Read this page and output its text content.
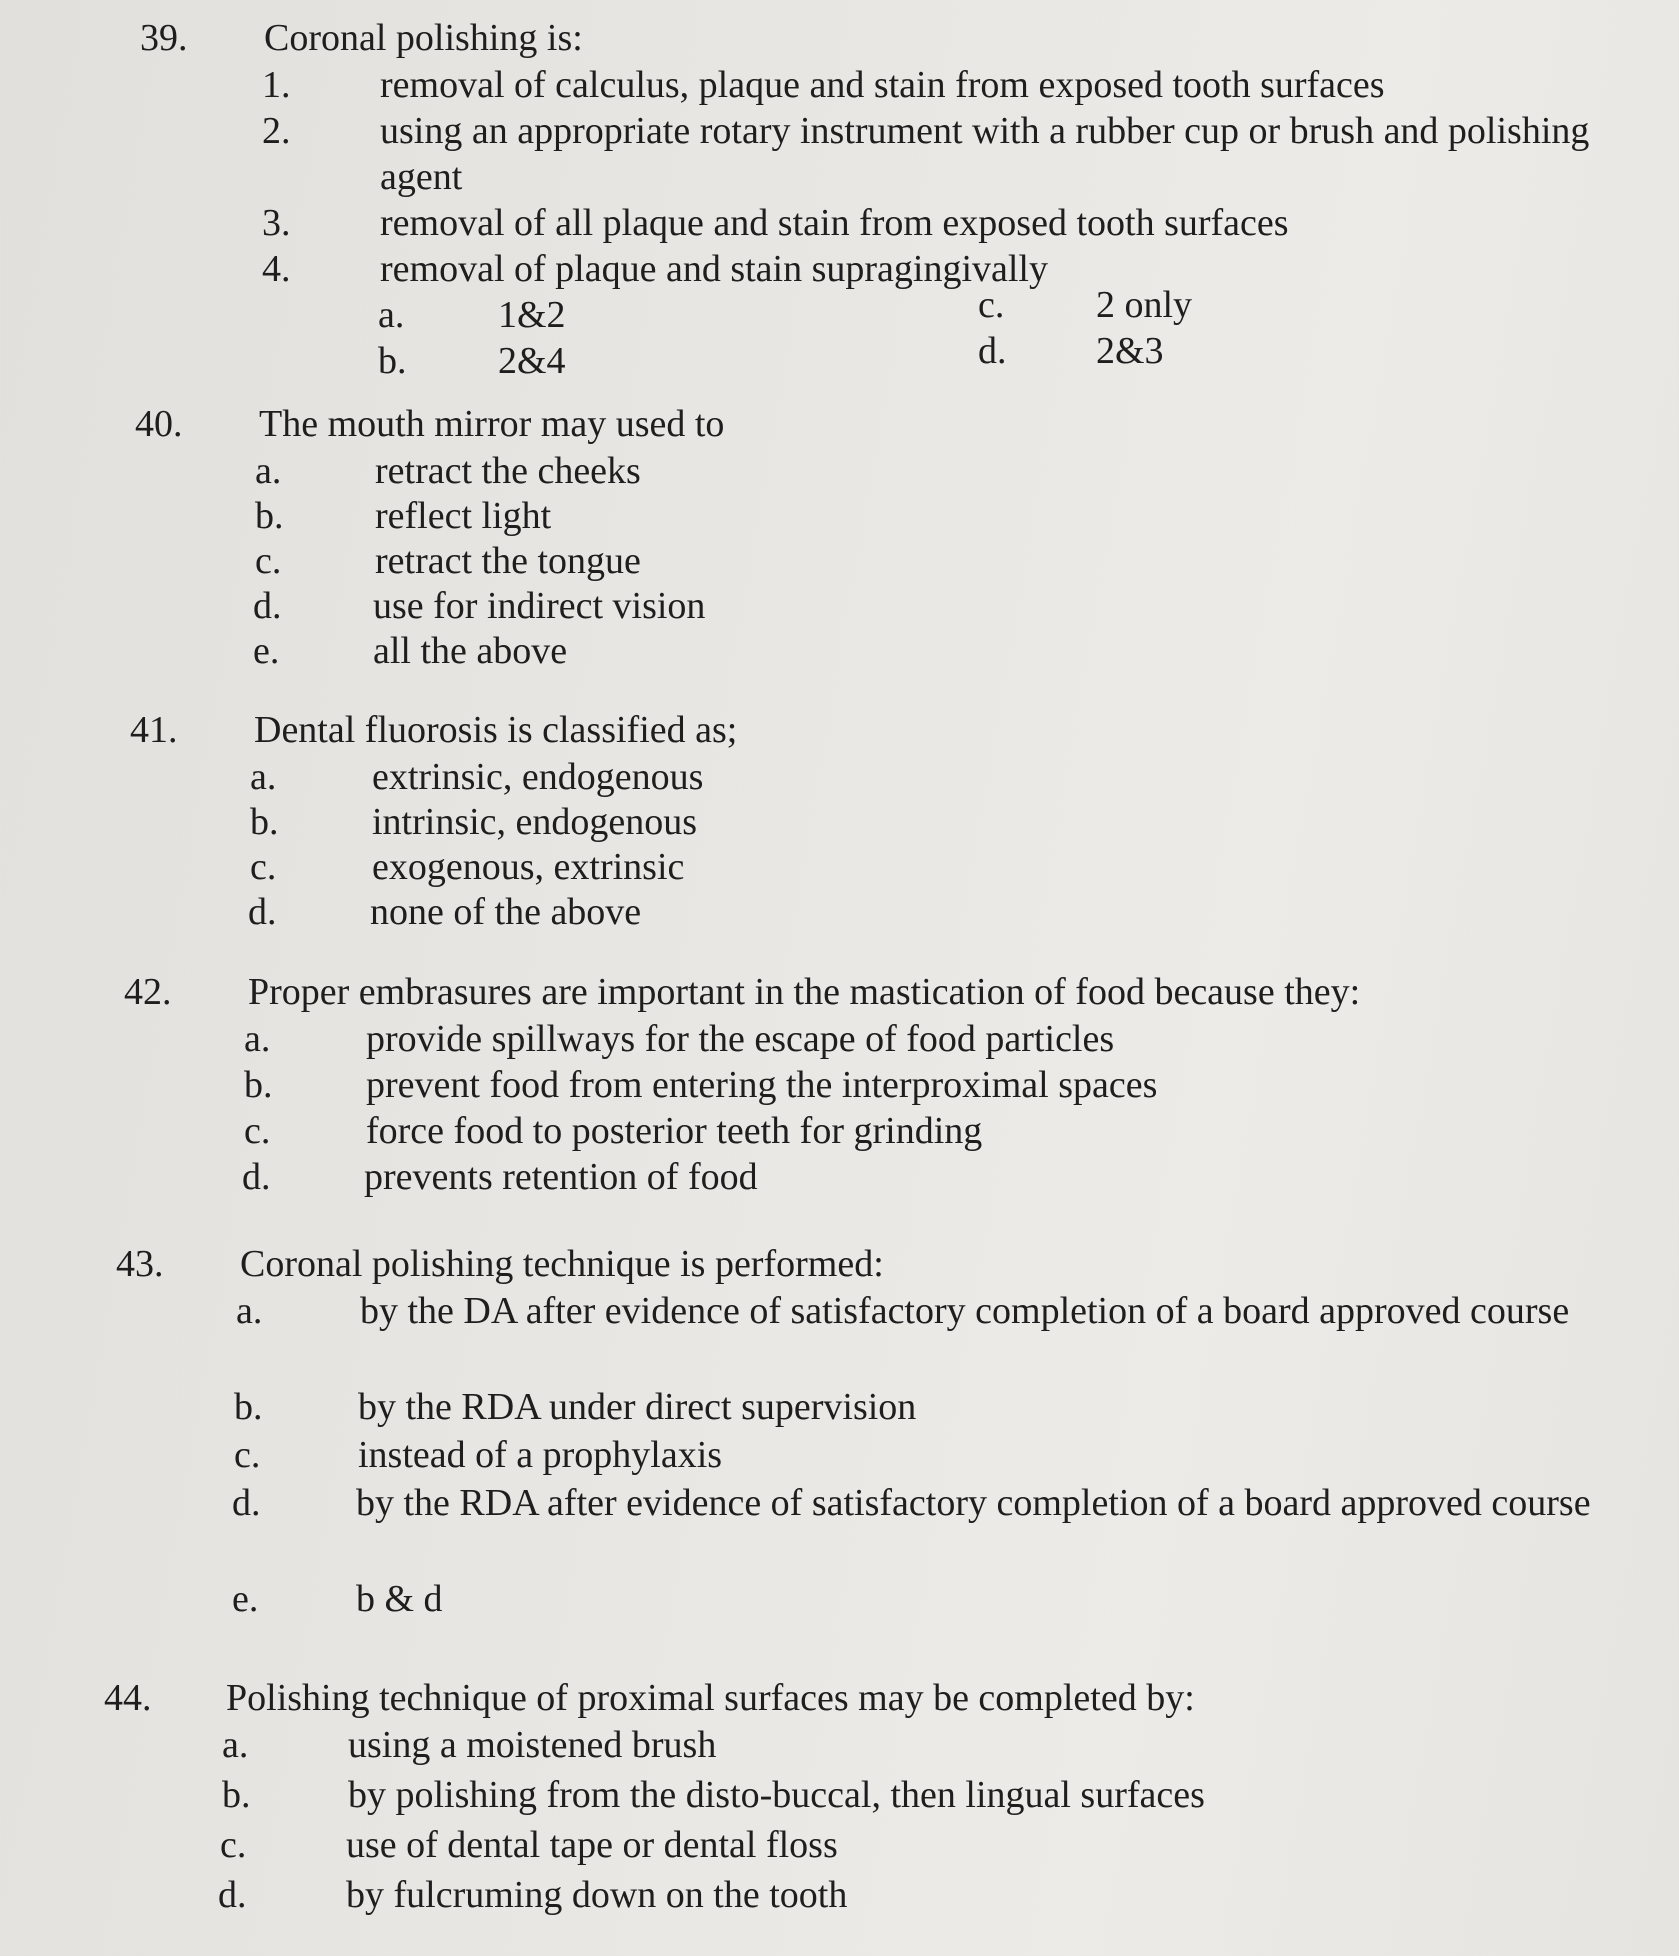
39. Coronal polishing is:
1. removal of calculus, plaque and stain from exposed tooth surfaces
2. using an appropriate rotary instrument with a rubber cup or brush and polishing agent
3. removal of all plaque and stain from exposed tooth surfaces
4. removal of plaque and stain supragingivally
a. 1&2
b. 2&4
c. 2 only
d. 2&3
40. The mouth mirror may used to
a. retract the cheeks
b. reflect light
c. retract the tongue
d. use for indirect vision
e. all the above
41. Dental fluorosis is classified as;
a.	extrinsic, endogenous
b. intrinsic, endogenous
c.	exogenous, extrinsic
d. none of the above
42. Proper embrasures are important in the mastication of food because they:
a.	provide spillways for the escape of food particles
b. prevent food from entering the interproximal spaces
c.	force food to posterior teeth for grinding
d. prevents retention of food
43. Coronal polishing technique is performed:
a.	by the DA after evidence of satisfactory completion of a board approved course
b.	by the RDA under direct supervision
c.	instead of a prophylaxis
d.	by the RDA after evidence of satisfactory completion of a board approved course
e.	b & d
44. Polishing technique of proximal surfaces may be completed by:
a.	using a moistened brush
b.	by polishing from the disto-buccal, then lingual surfaces
c.	use of dental tape or dental floss
d.	by fulcruming down on the tooth
